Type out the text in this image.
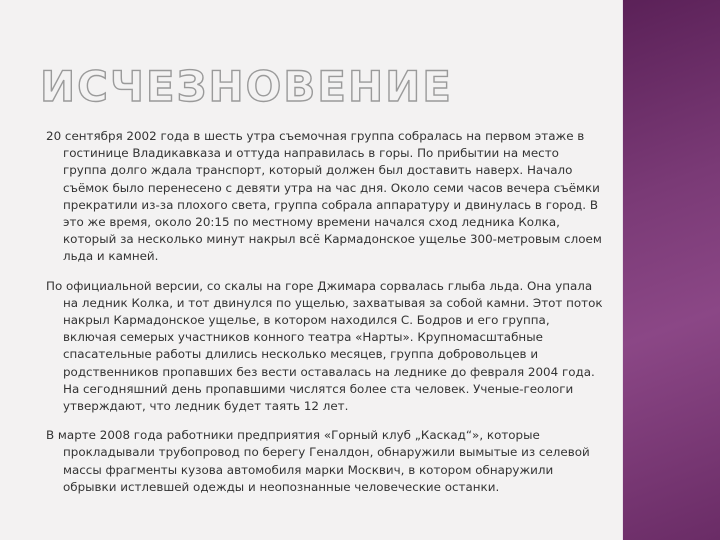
ИСЧЕЗНОВЕНИЕ

20 сентября 2002 года в шесть утра съемочная группа собралась на первом этаже в гостинице Владикавказа и оттуда направилась в горы. По прибытии на место группа долго ждала транспорт, который должен был доставить наверх. Начало съёмок было перенесено с девяти утра на час дня. Около семи часов вечера съёмки прекратили из-за плохого света, группа собрала аппаратуру и двинулась в город. В это же время, около 20:15 по местному времени начался сход ледника Колка, который за несколько минут накрыл всё Кармадонское ущелье 300-метровым слоем льда и камней.

По официальной версии, со скалы на горе Джимара сорвалась глыба льда. Она упала на ледник Колка, и тот двинулся по ущелью, захватывая за собой камни. Этот поток накрыл Кармадонское ущелье, в котором находился С. Бодров и его группа, включая семерых участников конного театра «Нарты». Крупномасштабные спасательные работы длились несколько месяцев, группа добровольцев и родственников пропавших без вести оставалась на леднике до февраля 2004 года. На сегодняшний день пропавшими числятся более ста человек. Ученые-геологи утверждают, что ледник будет таять 12 лет.

В марте 2008 года работники предприятия «Горный клуб „Каскад“», которые прокладывали трубопровод по берегу Геналдон, обнаружили вымытые из селевой массы фрагменты кузова автомобиля марки Москвич, в котором обнаружили обрывки истлевшей одежды и неопознанные человеческие останки.
